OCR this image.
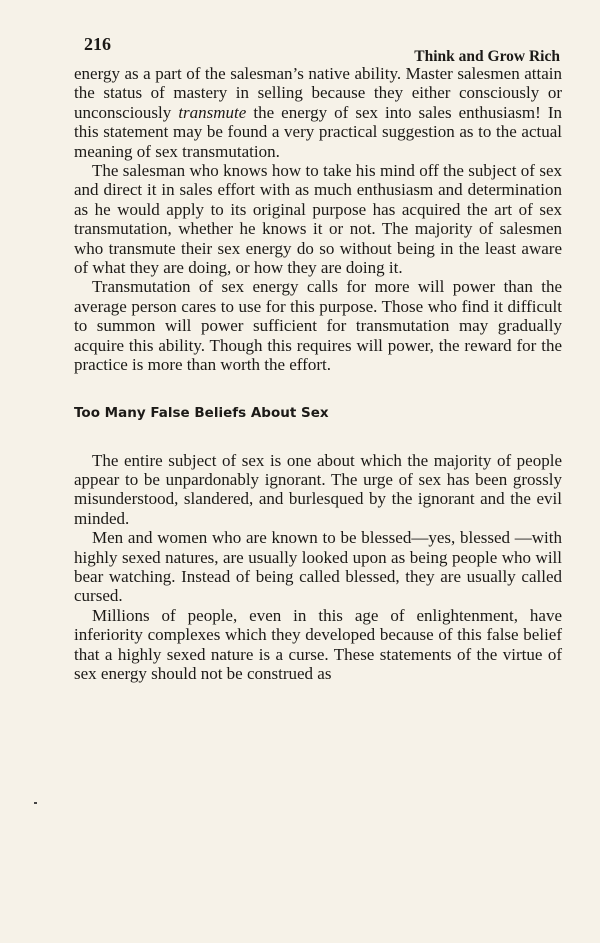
216
Think and Grow Rich

energy as a part of the salesman’s native ability. Master salesmen attain the status of mastery in selling because they either consciously or unconsciously transmute the energy of sex into sales enthusiasm! In this statement may be found a very practical suggestion as to the actual meaning of sex transmutation.

The salesman who knows how to take his mind off the subject of sex and direct it in sales effort with as much enthusiasm and determination as he would apply to its original purpose has acquired the art of sex transmutation, whether he knows it or not. The majority of salesmen who transmute their sex energy do so without being in the least aware of what they are doing, or how they are doing it.

Transmutation of sex energy calls for more will power than the average person cares to use for this purpose. Those who find it difficult to summon will power sufficient for transmutation may gradually acquire this ability. Though this requires will power, the reward for the practice is more than worth the effort.

Too Many False Beliefs About Sex

The entire subject of sex is one about which the majority of people appear to be unpardonably ignorant. The urge of sex has been grossly misunderstood, slandered, and burlesqued by the ignorant and the evil minded.

Men and women who are known to be blessed—yes, blessed —with highly sexed natures, are usually looked upon as being people who will bear watching. Instead of being called blessed, they are usually called cursed.

Millions of people, even in this age of enlightenment, have inferiority complexes which they developed because of this false belief that a highly sexed nature is a curse. These statements of the virtue of sex energy should not be construed as
